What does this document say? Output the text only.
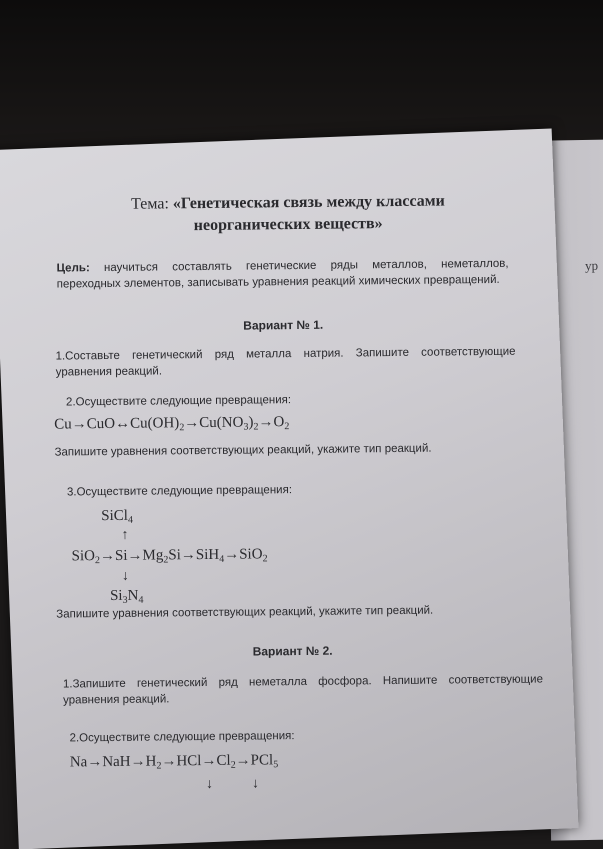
ур
Тема: «Генетическая связь между классами
неорганических веществ»
Цель: научиться составлять генетические ряды металлов, неметаллов, переходных элементов, записывать уравнения реакций химических превращений.
Вариант № 1.
1.Составьте генетический ряд металла натрия. Запишите соответствующие уравнения реакций.
2.Осуществите следующие превращения:
$Cu\to CuO\leftrightarrow Cu(OH)_2\to Cu(NO_3)_2\to O_2$
Запишите уравнения соответствующих реакций, укажите тип реакций.
3.Осуществите следующие превращения:
SiCl$_4$
↑
$SiO_2\to Si\to Mg_2Si\to SiH_4\to SiO_2$
↓
$Si_3N_4$
Запишите уравнения соответствующих реакций, укажите тип реакций.
Вариант № 2.
1.Запишите генетический ряд неметалла фосфора. Напишите соответствующие уравнения реакций.
2.Осуществите следующие превращения:
$Na\to NaH\to H_2\to HCl\to Cl_2\to PCl_5$
↓	↓
